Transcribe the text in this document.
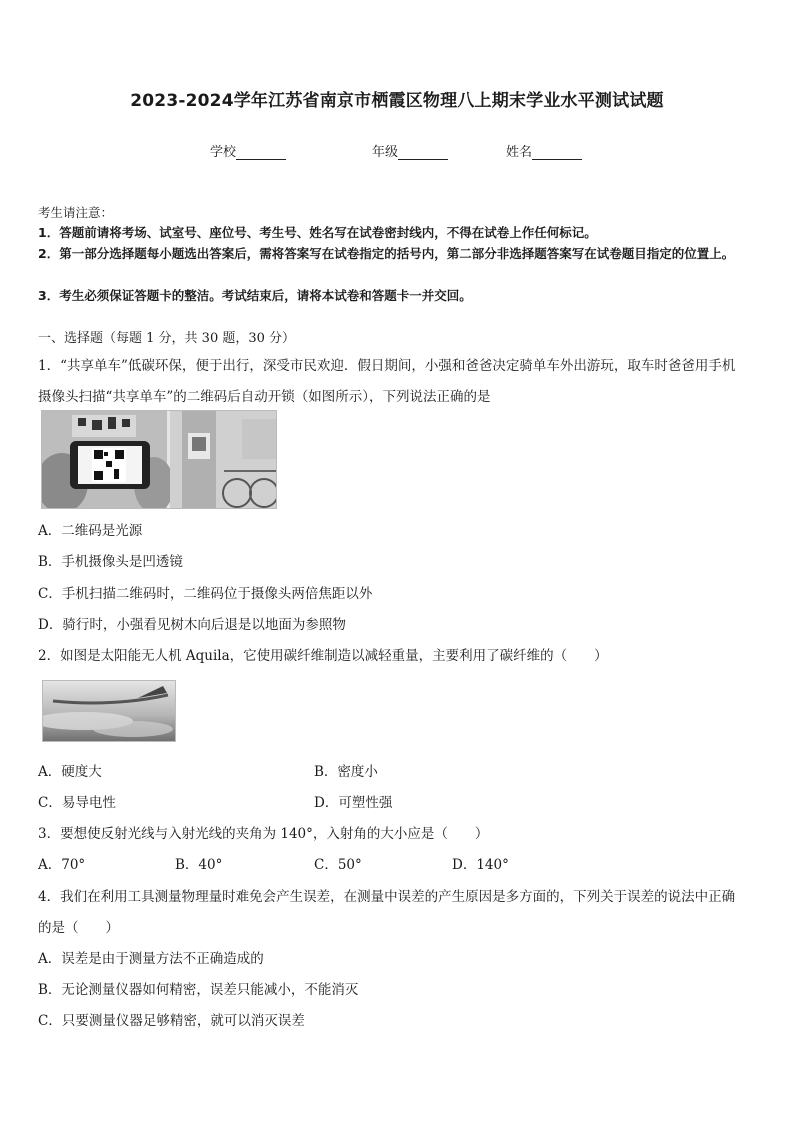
2023-2024学年江苏省南京市栖霞区物理八上期末学业水平测试试题
学校	年级	姓名
考生请注意：
1．答题前请将考场、试室号、座位号、考生号、姓名写在试卷密封线内，不得在试卷上作任何标记。
2．第一部分选择题每小题选出答案后，需将答案写在试卷指定的括号内，第二部分非选择题答案写在试卷题目指定的位置上。
3．考生必须保证答题卡的整洁。考试结束后，请将本试卷和答题卡一并交回。
一、选择题（每题 1 分，共 30 题，30 分）
1．“共享单车”低碳环保，便于出行，深受市民欢迎．假日期间，小强和爸爸决定骑单车外出游玩，取车时爸爸用手机
摄像头扫描“共享单车”的二维码后自动开锁（如图所示），下列说法正确的是
A．二维码是光源
B．手机摄像头是凹透镜
C．手机扫描二维码时，二维码位于摄像头两倍焦距以外
D．骑行时，小强看见树木向后退是以地面为参照物
2．如图是太阳能无人机 Aquila，它使用碳纤维制造以减轻重量，主要利用了碳纤维的（　　）
A．硬度大	B．密度小
C．易导电性	D．可塑性强
3．要想使反射光线与入射光线的夹角为 140°，入射角的大小应是（　　）
A．70°	B．40°	C．50°	D．140°
4．我们在利用工具测量物理量时难免会产生误差，在测量中误差的产生原因是多方面的，下列关于误差的说法中正确
的是（　　）
A．误差是由于测量方法不正确造成的
B．无论测量仪器如何精密，误差只能减小，不能消灭
C．只要测量仪器足够精密，就可以消灭误差
